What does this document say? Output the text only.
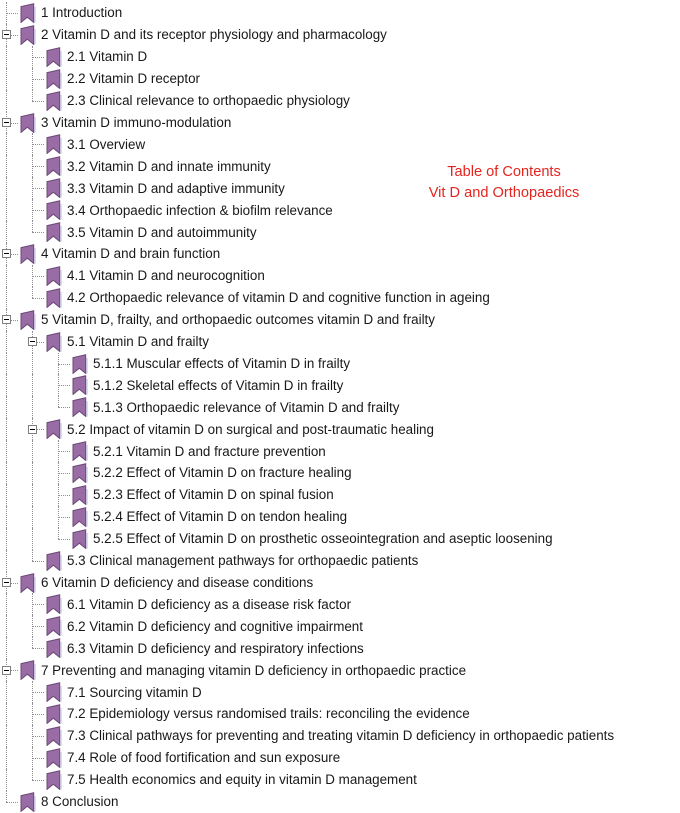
1 Introduction
2 Vitamin D and its receptor physiology and pharmacology
2.1 Vitamin D
2.2 Vitamin D receptor
2.3 Clinical relevance to orthopaedic physiology
3 Vitamin D immuno-modulation
3.1 Overview
3.2 Vitamin D and innate immunity
3.3 Vitamin D and adaptive immunity
3.4 Orthopaedic infection & biofilm relevance
3.5 Vitamin D and autoimmunity
4 Vitamin D and brain function
4.1 Vitamin D and neurocognition
4.2 Orthopaedic relevance of vitamin D and cognitive function in ageing
5 Vitamin D, frailty, and orthopaedic outcomes vitamin D and frailty
5.1 Vitamin D and frailty
5.1.1 Muscular effects of Vitamin D in frailty
5.1.2 Skeletal effects of Vitamin D in frailty
5.1.3 Orthopaedic relevance of Vitamin D and frailty
5.2 Impact of vitamin D on surgical and post-traumatic healing
5.2.1 Vitamin D and fracture prevention
5.2.2 Effect of Vitamin D on fracture healing
5.2.3 Effect of Vitamin D on spinal fusion
5.2.4 Effect of Vitamin D on tendon healing
5.2.5 Effect of Vitamin D on prosthetic osseointegration and aseptic loosening
5.3 Clinical management pathways for orthopaedic patients
6 Vitamin D deficiency and disease conditions
6.1 Vitamin D deficiency as a disease risk factor
6.2 Vitamin D deficiency and cognitive impairment
6.3 Vitamin D deficiency and respiratory infections
7 Preventing and managing vitamin D deficiency in orthopaedic practice
7.1 Sourcing vitamin D
7.2 Epidemiology versus randomised trails: reconciling the evidence
7.3 Clinical pathways for preventing and treating vitamin D deficiency in orthopaedic patients
7.4 Role of food fortification and sun exposure
7.5 Health economics and equity in vitamin D management
8 Conclusion
Table of Contents
Vit D and Orthopaedics
